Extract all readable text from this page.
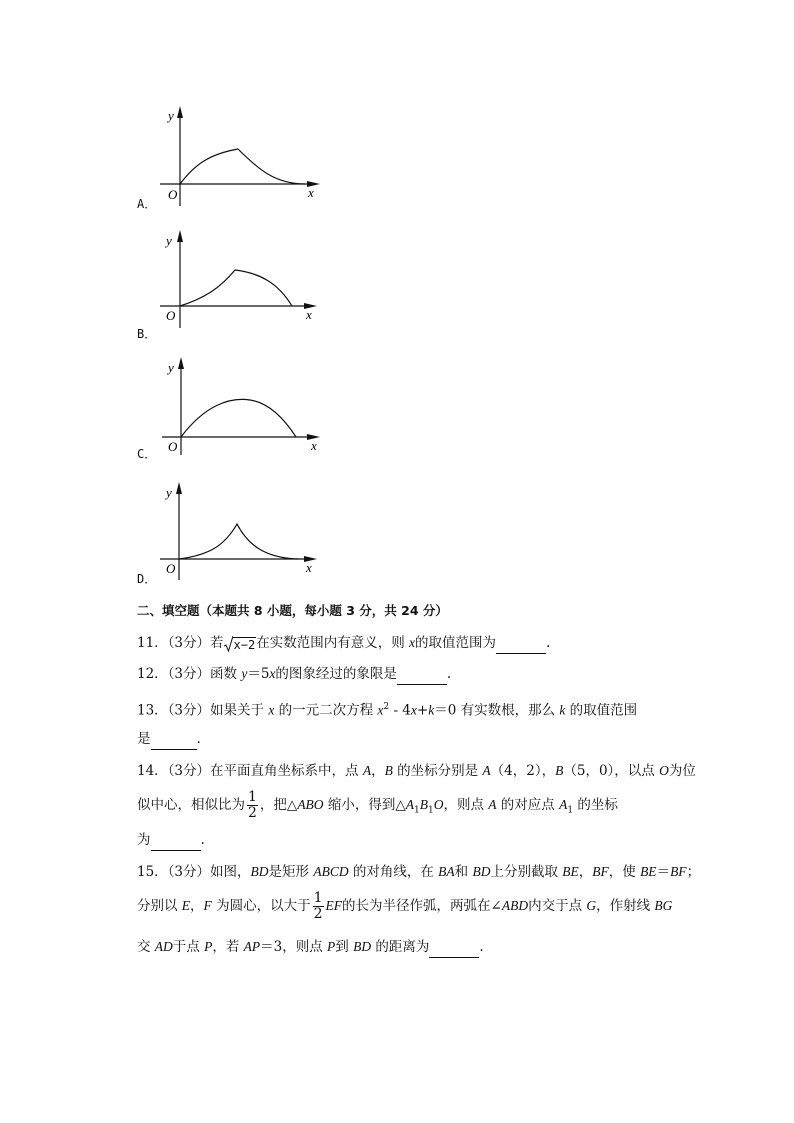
y
x
O
A．
y
x
O
B．
y
x
O
C．
y
x
O
D．
二、填空题（本题共 8 小题，每小题 3 分，共 24 分）
11．（3分）若 x−2 在实数范围内有意义，则 x的取值范围为	.
12．（3分）函数 y＝5x的图象经过的象限是	.
13．（3分）如果关于 x 的一元二次方程 $x^2 - 4x+k=0$ 有实数根，那么 k 的取值范围
是	.
14．（3分）在平面直角坐标系中，点 A，B 的坐标分别是 A（4，2），B（5，0），以点 O为位
似中心，相似比为 $\frac{1}{2}$ ，把△ABO 缩小，得到$\triangle A_1B_1O$，则点 A 的对应点 $A_1$ 的坐标
为	.
15．（3分）如图，BD是矩形 ABCD 的对角线，在 BA和 BD上分别截取 BE，BF，使 BE＝BF；
分别以 E，F 为圆心，以大于 $\frac{1}{2}$ EF的长为半径作弧，两弧在∠ABD内交于点 G，作射线 BG
交 AD于点 P，若 AP＝3，则点 P到 BD 的距离为	.
